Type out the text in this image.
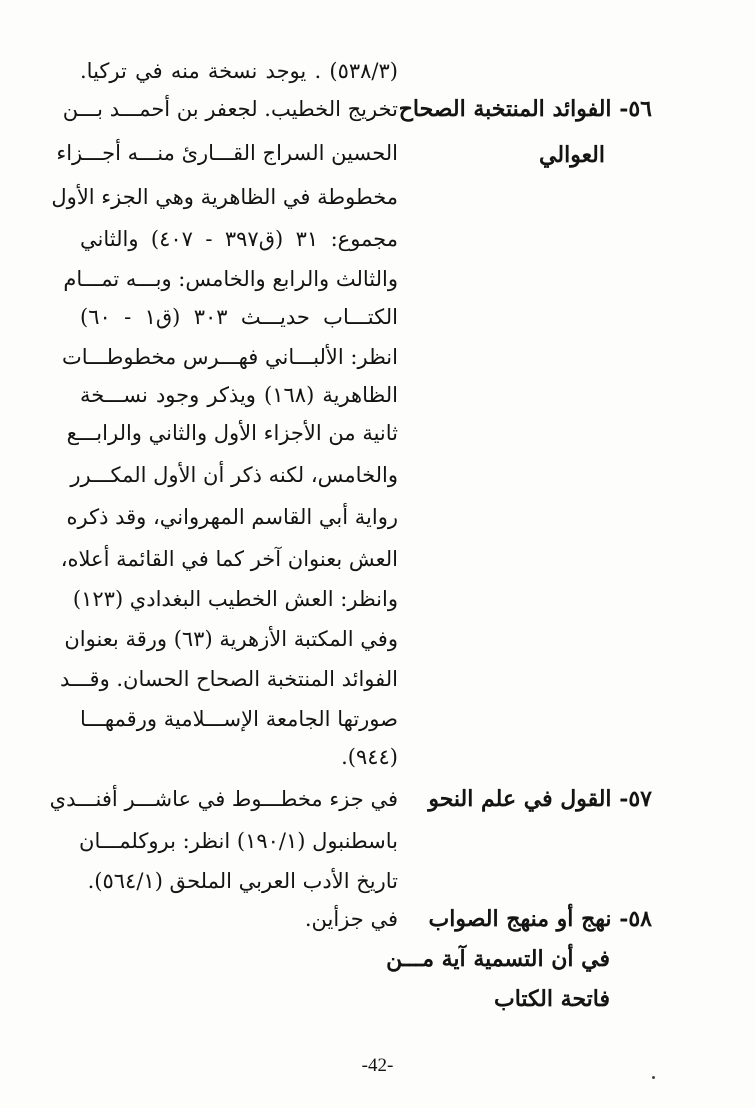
(٥٣٨/٣) . يوجد نسخة منه في تركيا.
تخريج الخطيب. لجعفر بن أحمـــد بـــن
الحسين السراج القـــارئ منـــه أجـــزاء
مخطوطة في الظاهرية وهي الجزء الأول
مجموع: ٣١ (ق٣٩٧ - ٤٠٧) والثاني
والثالث والرابع والخامس: وبـــه تمـــام
الكتـــاب حديـــث ٣٠٣ (ق١ - ٦٠)
انظر: الألبـــاني فهـــرس مخطوطـــات
الظاهرية (١٦٨) ويذكر وجود نســـخة
ثانية من الأجزاء الأول والثاني والرابـــع
والخامس، لكنه ذكر أن الأول المكـــرر
رواية أبي القاسم المهرواني، وقد ذكره
العش بعنوان آخر كما في القائمة أعلاه،
وانظر: العش الخطيب البغدادي (١٢٣)
وفي المكتبة الأزهرية (٦٣) ورقة بعنوان
الفوائد المنتخبة الصحاح الحسان. وقـــد
صورتها الجامعة الإســـلامية ورقمهـــا
(٩٤٤).
في جزء مخطـــوط في عاشـــر أفنـــدي
باسطنبول (١٩٠/١) انظر: بروكلمـــان
تاريخ الأدب العربي الملحق (٥٦٤/١).
في جزأين.
٥٦- الفوائد المنتخبة الصحاح
العوالي
٥٧- القول في علم النحو
٥٨- نهج أو منهج الصواب
في أن التسمية آية مـــن
فاتحة الكتاب
-42-
